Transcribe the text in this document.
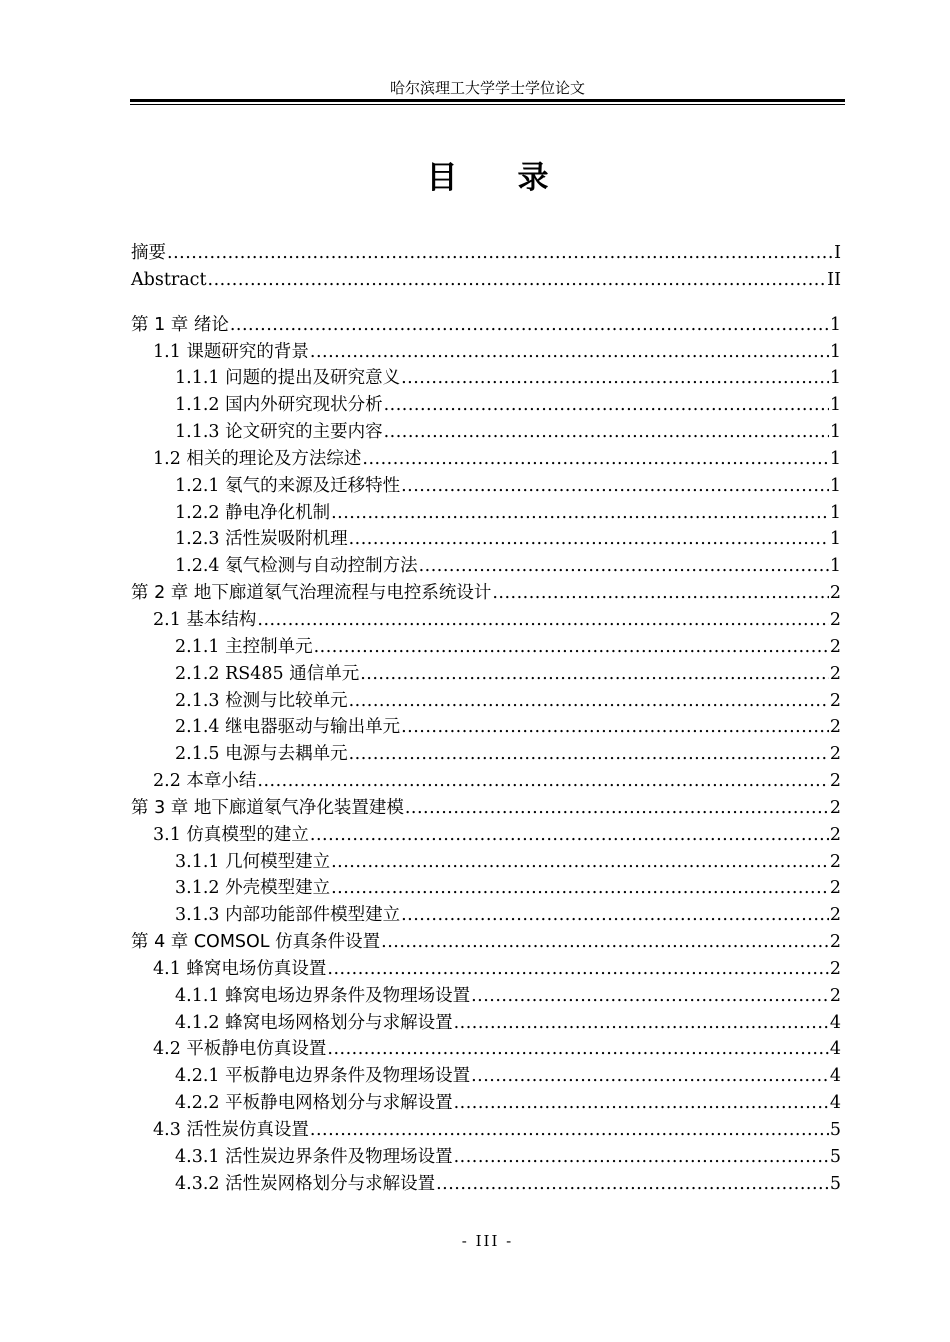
哈尔滨理工大学学士学位论文
目录
摘要 .....	I
Abstract .....	II
第 1 章 绪论 .....	1
1.1 课题研究的背景 .....	1
1.1.1 问题的提出及研究意义 .....	1
1.1.2 国内外研究现状分析 .....	1
1.1.3 论文研究的主要内容 .....	1
1.2 相关的理论及方法综述 .....	1
1.2.1 氡气的来源及迁移特性 .....	1
1.2.2 静电净化机制 .....	1
1.2.3 活性炭吸附机理 .....	1
1.2.4 氡气检测与自动控制方法 .....	1
第 2 章 地下廊道氡气治理流程与电控系统设计 .....	2
2.1 基本结构 .....	2
2.1.1 主控制单元 .....	2
2.1.2 RS485 通信单元 .....	2
2.1.3 检测与比较单元 .....	2
2.1.4 继电器驱动与输出单元 .....	2
2.1.5 电源与去耦单元 .....	2
2.2 本章小结 .....	2
第 3 章 地下廊道氡气净化装置建模 .....	2
3.1 仿真模型的建立 .....	2
3.1.1 几何模型建立 .....	2
3.1.2 外壳模型建立 .....	2
3.1.3 内部功能部件模型建立 .....	2
第 4 章 COMSOL 仿真条件设置 .....	2
4.1 蜂窝电场仿真设置 .....	2
4.1.1 蜂窝电场边界条件及物理场设置 .....	2
4.1.2 蜂窝电场网格划分与求解设置 .....	4
4.2 平板静电仿真设置 .....	4
4.2.1 平板静电边界条件及物理场设置 .....	4
4.2.2 平板静电网格划分与求解设置 .....	4
4.3 活性炭仿真设置 .....	5
4.3.1 活性炭边界条件及物理场设置 .....	5
4.3.2 活性炭网格划分与求解设置 .....	5
- III -
